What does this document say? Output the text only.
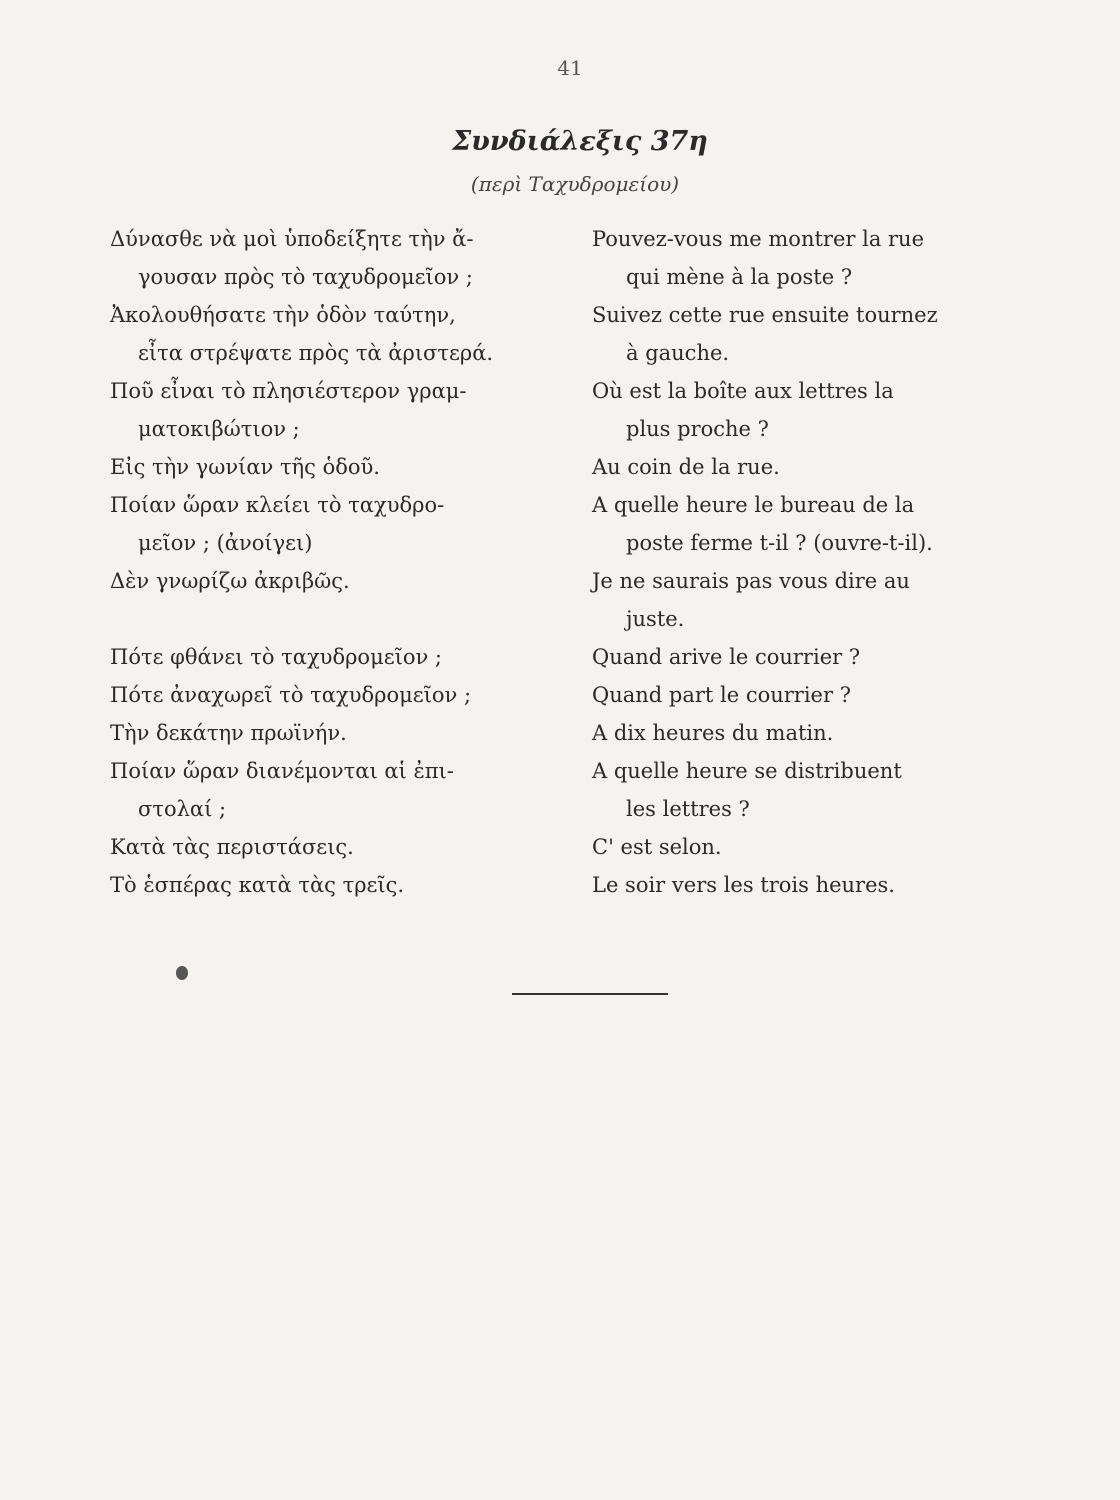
41
Συνδιάλεξις 37η
(περὶ Ταχυδρομείου)
Δύνασθε νὰ μοὶ ὑποδείξητε τὴν ἄ-
γουσαν πρὸς τὸ ταχυδρομεῖον ;
Ἀκολουθήσατε τὴν ὁδὸν ταύτην,
εἶτα στρέψατε πρὸς τὰ ἀριστερά.
Ποῦ εἶναι τὸ πλησιέστερον γραμ-
ματοκιβώτιον ;
Εἰς τὴν γωνίαν τῆς ὁδοῦ.
Ποίαν ὥραν κλείει τὸ ταχυδρο-
μεῖον ; (ἀνοίγει)
Δὲν γνωρίζω ἀκριβῶς.
Πότε φθάνει τὸ ταχυδρομεῖον ;
Πότε ἀναχωρεῖ τὸ ταχυδρομεῖον ;
Τὴν δεκάτην πρωϊνήν.
Ποίαν ὥραν διανέμονται αἱ ἐπι-
στολαί ;
Κατὰ τὰς περιστάσεις.
Τὸ ἑσπέρας κατὰ τὰς τρεῖς.
Pouvez-vous me montrer la rue
qui mène à la poste ?
Suivez cette rue ensuite tournez
à gauche.
Où est la boîte aux lettres la
plus proche ?
Au coin de la rue.
A quelle heure le bureau de la
poste ferme t-il ? (ouvre-t-il).
Je ne saurais pas vous dire au
juste.
Quand arive le courrier ?
Quand part le courrier ?
A dix heures du matin.
A quelle heure se distribuent
les lettres ?
C' est selon.
Le soir vers les trois heures.
